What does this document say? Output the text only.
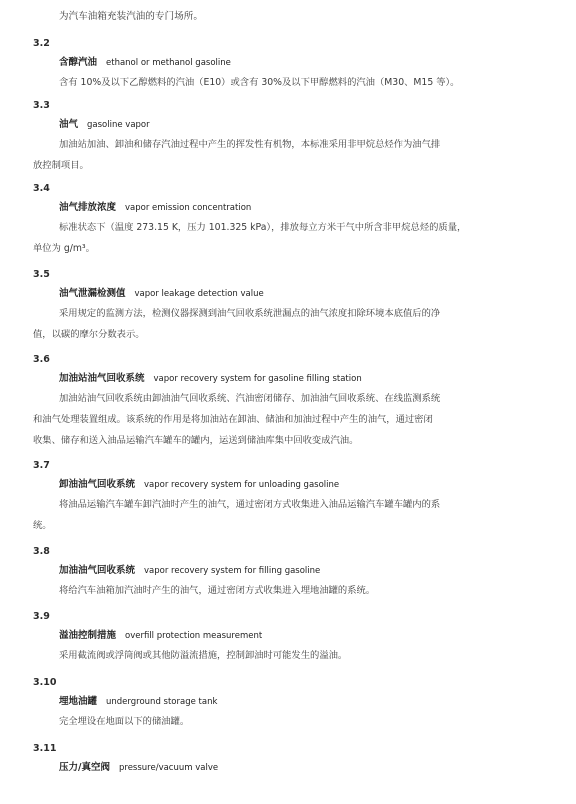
为汽车油箱充装汽油的专门场所。
3.2
含醇汽油 ethanol or methanol gasoline
含有 10%及以下乙醇燃料的汽油（E10）或含有 30%及以下甲醇燃料的汽油（M30、M15 等）。
3.3
油气 gasoline vapor
加油站加油、卸油和储存汽油过程中产生的挥发性有机物，本标准采用非甲烷总烃作为油气排
放控制项目。
3.4
油气排放浓度 vapor emission concentration
标准状态下（温度 273.15 K，压力 101.325 kPa），排放每立方米干气中所含非甲烷总烃的质量，
单位为 g/m³。
3.5
油气泄漏检测值 vapor leakage detection value
采用规定的监测方法，检测仪器探测到油气回收系统泄漏点的油气浓度扣除环境本底值后的净
值，以碳的摩尔分数表示。
3.6
加油站油气回收系统 vapor recovery system for gasoline filling station
加油站油气回收系统由卸油油气回收系统、汽油密闭储存、加油油气回收系统、在线监测系统
和油气处理装置组成。该系统的作用是将加油站在卸油、储油和加油过程中产生的油气，通过密闭
收集、储存和送入油品运输汽车罐车的罐内，运送到储油库集中回收变成汽油。
3.7
卸油油气回收系统 vapor recovery system for unloading gasoline
将油品运输汽车罐车卸汽油时产生的油气，通过密闭方式收集进入油品运输汽车罐车罐内的系
统。
3.8
加油油气回收系统 vapor recovery system for filling gasoline
将给汽车油箱加汽油时产生的油气，通过密闭方式收集进入埋地油罐的系统。
3.9
溢油控制措施 overfill protection measurement
采用截流阀或浮筒阀或其他防溢流措施，控制卸油时可能发生的溢油。
3.10
埋地油罐 underground storage tank
完全埋设在地面以下的储油罐。
3.11
压力/真空阀 pressure/vacuum valve
